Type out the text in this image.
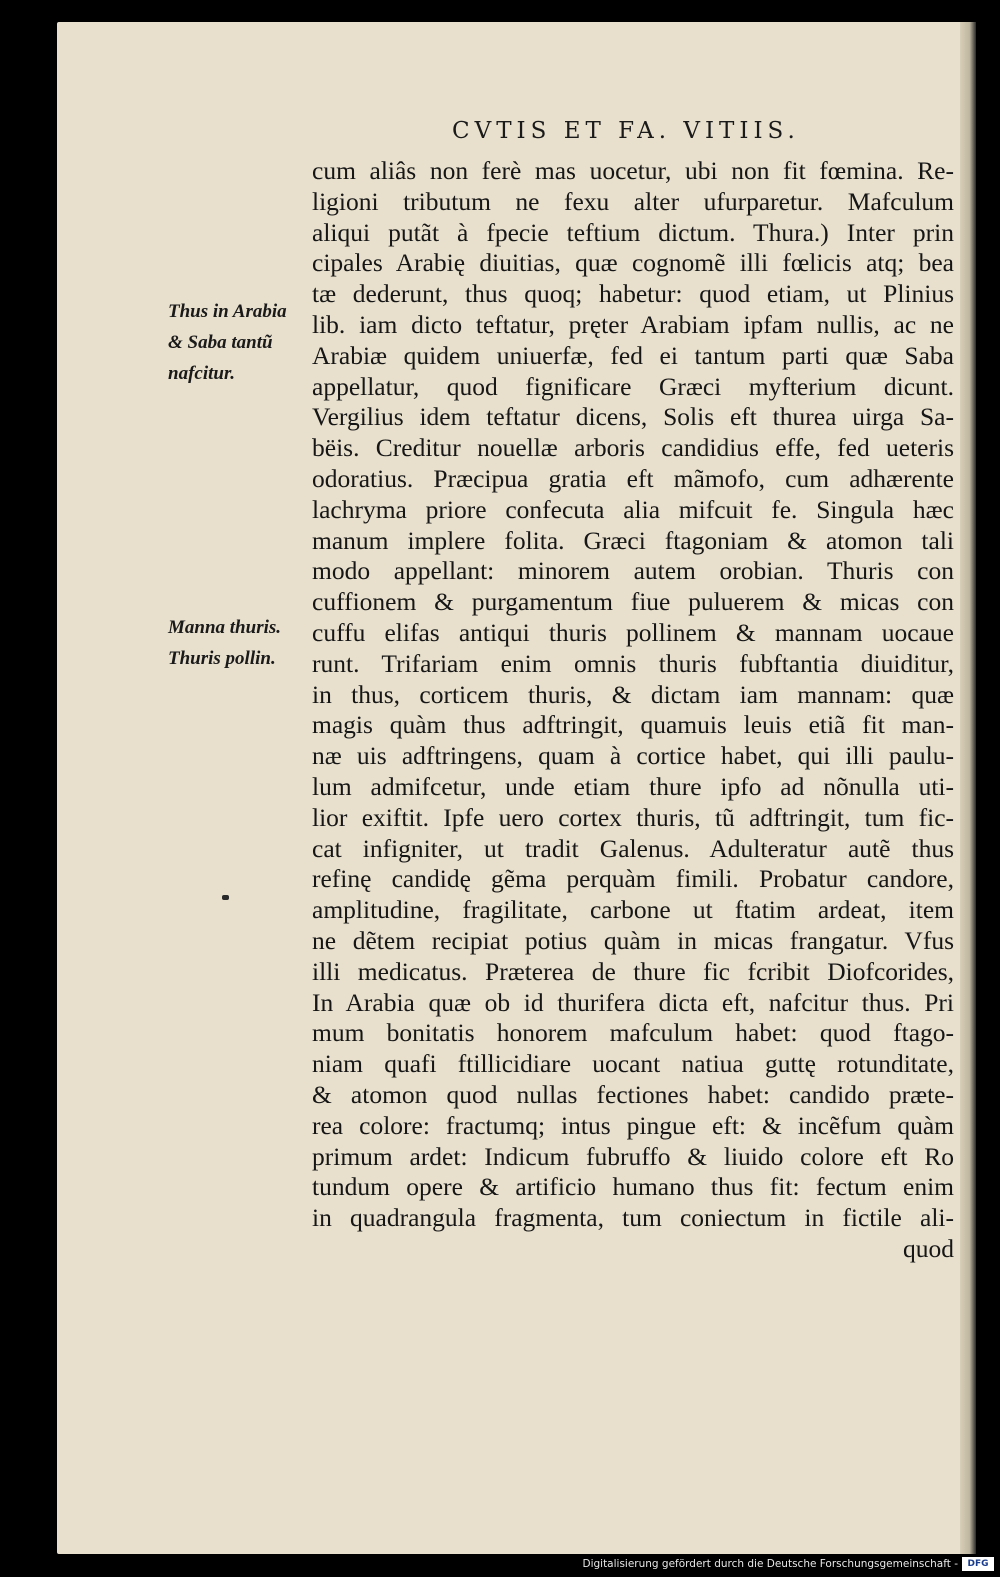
CVTIS ET FA. VITIIS.
cum aliâs non ferè mas uocetur, ubi non fit fœmina. Re-
ligioni tributum ne fexu alter ufurparetur. Mafculum
aliqui putãt à fpecie teftium dictum. Thura.) Inter prin
cipales Arabię diuitias, quæ cognomẽ illi fœlicis atq; bea
tæ dederunt, thus quoq; habetur: quod etiam, ut Plinius
lib. iam dicto teftatur, pręter Arabiam ipfam nullis, ac ne
Arabiæ quidem uniuerfæ, fed ei tantum parti quæ Saba
appellatur, quod fignificare Græci myfterium dicunt.
Vergilius idem teftatur dicens, Solis eft thurea uirga Sa-
bëis. Creditur nouellæ arboris candidius effe, fed ueteris
odoratius. Præcipua gratia eft mãmofo, cum adhærente
lachryma priore confecuta alia mifcuit fe. Singula hæc
manum implere folita. Græci ftagoniam & atomon tali
modo appellant: minorem autem orobian. Thuris con
cuffionem & purgamentum fiue puluerem & micas con
cuffu elifas antiqui thuris pollinem & mannam uocaue
runt. Trifariam enim omnis thuris fubftantia diuiditur,
in thus, corticem thuris, & dictam iam mannam: quæ
magis quàm thus adftringit, quamuis leuis etiã fit man-
næ uis adftringens, quam à cortice habet, qui illi paulu-
lum admifcetur, unde etiam thure ipfo ad nõnulla uti-
lior exiftit. Ipfe uero cortex thuris, tũ adftringit, tum fic-
cat infigniter, ut tradit Galenus. Adulteratur autẽ thus
refinę candidę gẽma perquàm fimili. Probatur candore,
amplitudine, fragilitate, carbone ut ftatim ardeat, item
ne dẽtem recipiat potius quàm in micas frangatur. Vfus
illi medicatus. Præterea de thure fic fcribit Diofcorides,
In Arabia quæ ob id thurifera dicta eft, nafcitur thus. Pri
mum bonitatis honorem mafculum habet: quod ftago-
niam quafi ftillicidiare uocant natiua guttę rotunditate,
& atomon quod nullas fectiones habet: candido præte-
rea colore: fractumq; intus pingue eft: & incẽfum quàm
primum ardet: Indicum fubruffo & liuido colore eft Ro
tundum opere & artificio humano thus fit: fectum enim
in quadrangula fragmenta, tum coniectum in fictile ali-
quod
Thus in Arabia
& Saba tantũ
nafcitur.
Manna thuris.
Thuris pollin.
Digitalisierung gefördert durch die Deutsche Forschungsgemeinschaft -	DFG
